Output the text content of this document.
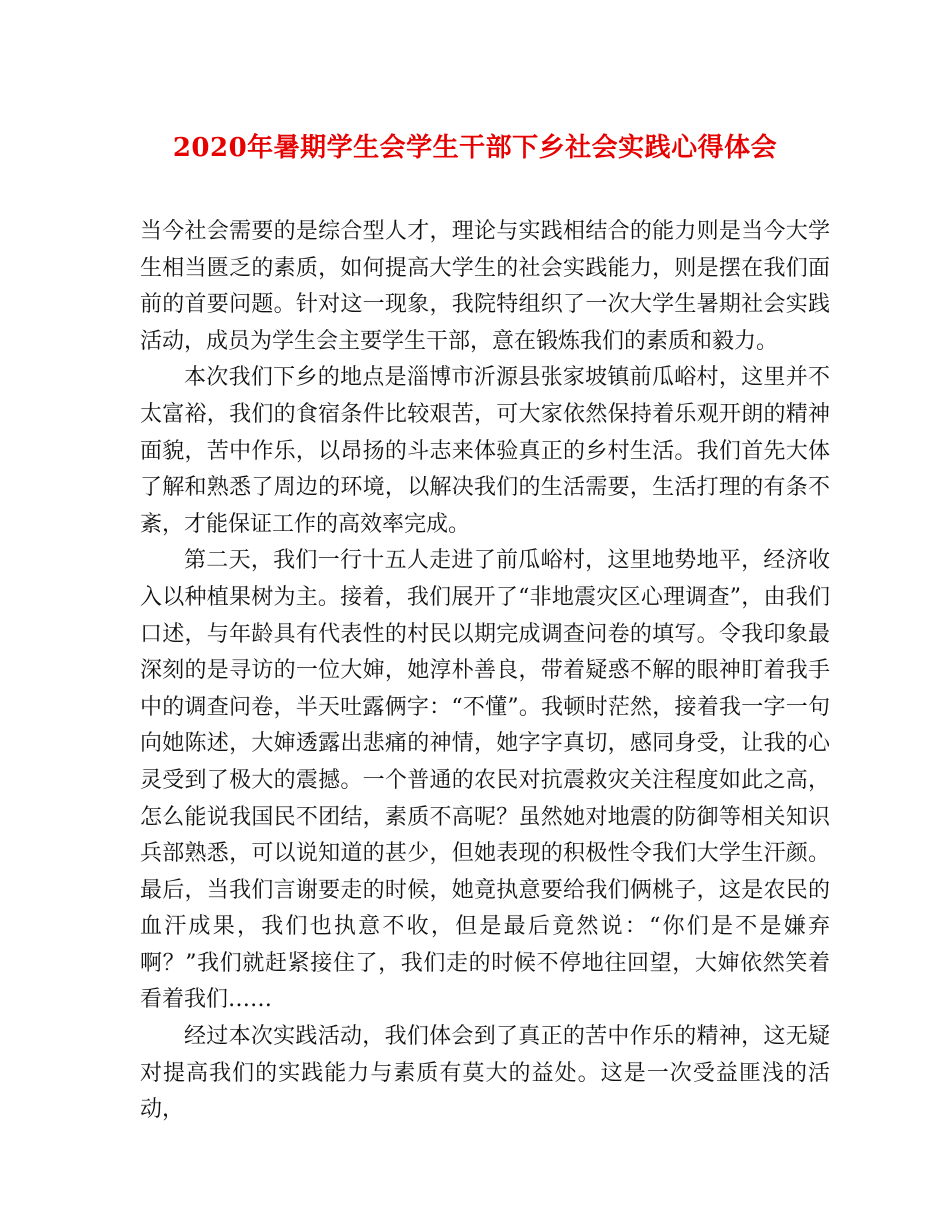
2020年暑期学生会学生干部下乡社会实践心得体会

当今社会需要的是综合型人才，理论与实践相结合的能力则是当今大学生相当匮乏的素质，如何提高大学生的社会实践能力，则是摆在我们面前的首要问题。针对这一现象，我院特组织了一次大学生暑期社会实践活动，成员为学生会主要学生干部，意在锻炼我们的素质和毅力。

本次我们下乡的地点是淄博市沂源县张家坡镇前瓜峪村，这里并不太富裕，我们的食宿条件比较艰苦，可大家依然保持着乐观开朗的精神面貌，苦中作乐，以昂扬的斗志来体验真正的乡村生活。我们首先大体了解和熟悉了周边的环境，以解决我们的生活需要，生活打理的有条不紊，才能保证工作的高效率完成。

第二天，我们一行十五人走进了前瓜峪村，这里地势地平，经济收入以种植果树为主。接着，我们展开了“非地震灾区心理调查”，由我们口述，与年龄具有代表性的村民以期完成调查问卷的填写。令我印象最深刻的是寻访的一位大婶，她淳朴善良，带着疑惑不解的眼神盯着我手中的调查问卷，半天吐露俩字：“不懂”。我顿时茫然，接着我一字一句向她陈述，大婶透露出悲痛的神情，她字字真切，感同身受，让我的心灵受到了极大的震撼。一个普通的农民对抗震救灾关注程度如此之高，怎么能说我国民不团结，素质不高呢？虽然她对地震的防御等相关知识兵部熟悉，可以说知道的甚少，但她表现的积极性令我们大学生汗颜。最后，当我们言谢要走的时候，她竟执意要给我们俩桃子，这是农民的血汗成果，我们也执意不收，但是最后竟然说：“你们是不是嫌弃啊？”我们就赶紧接住了，我们走的时候不停地往回望，大婶依然笑着看着我们……

经过本次实践活动，我们体会到了真正的苦中作乐的精神，这无疑对提高我们的实践能力与素质有莫大的益处。这是一次受益匪浅的活动，
